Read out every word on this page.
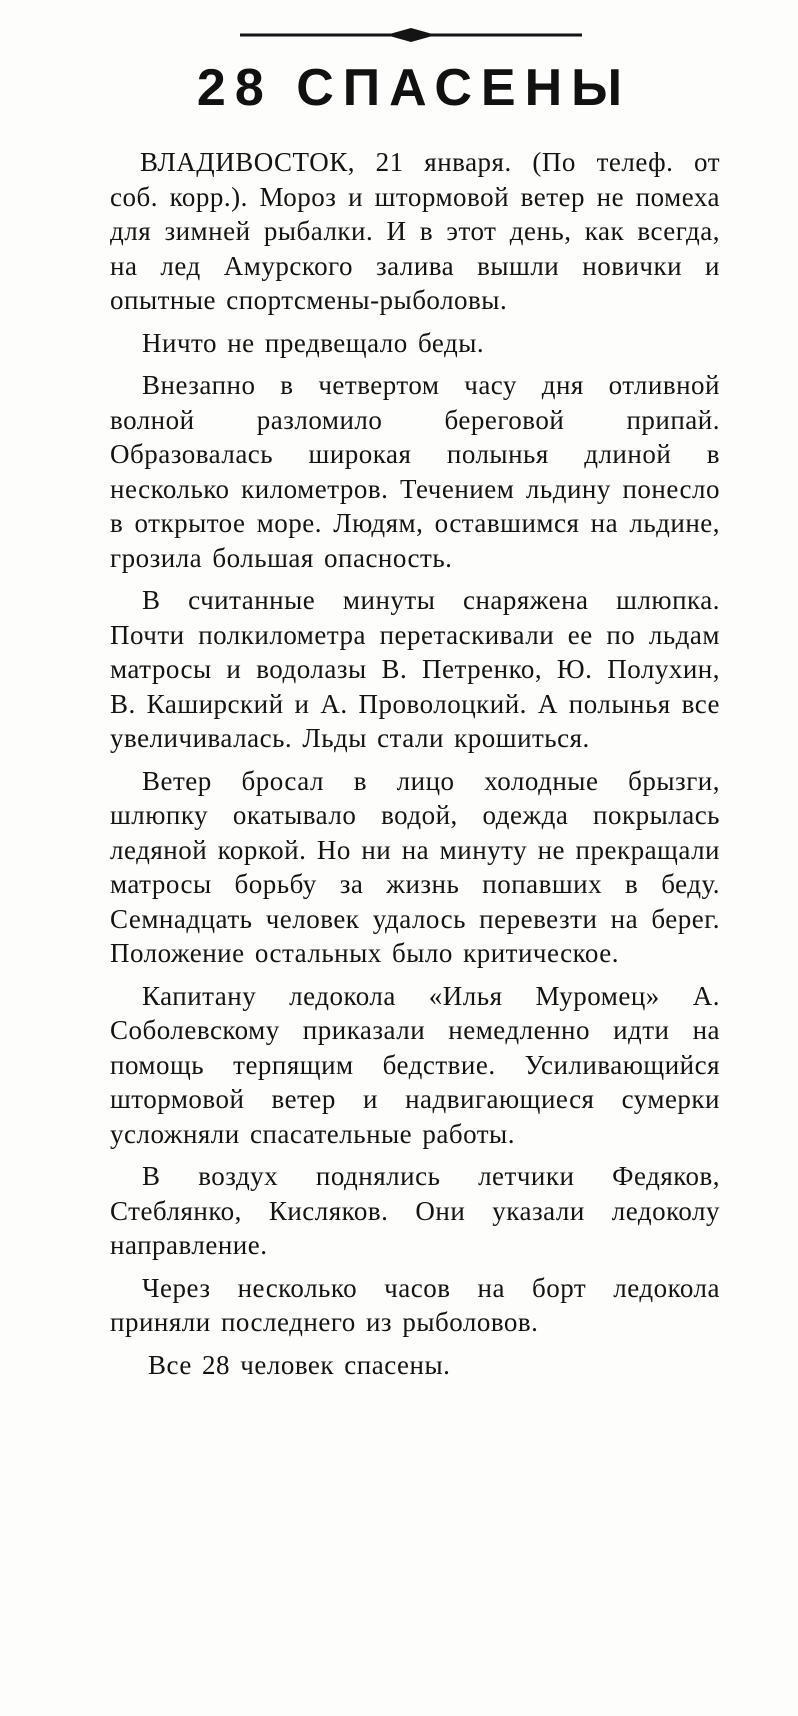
28 СПАСЕНЫ

ВЛАДИВОСТОК, 21 января. (По телеф. от соб. корр.). Мороз и штормовой ветер не помеха для зимней рыбалки. И в этот день, как всегда, на лед Амурского залива вышли новички и опытные спортсмены-рыболовы.

Ничто не предвещало беды.

Внезапно в четвертом часу дня отливной волной разломило береговой припай. Образовалась широкая полынья длиной в несколько километров. Течением льдину понесло в открытое море. Людям, оставшимся на льдине, грозила большая опасность.

В считанные минуты снаряжена шлюпка. Почти полкилометра перетаскивали ее по льдам матросы и водолазы В. Петренко, Ю. Полухин, В. Каширский и А. Проволоцкий. А полынья все увеличивалась. Льды стали крошиться.

Ветер бросал в лицо холодные брызги, шлюпку окатывало водой, одежда покрылась ледяной коркой. Но ни на минуту не прекращали матросы борьбу за жизнь попавших в беду. Семнадцать человек удалось перевезти на берег. Положение остальных было критическое.

Капитану ледокола «Илья Муромец» А. Соболевскому приказали немедленно идти на помощь терпящим бедствие. Усиливающийся штормовой ветер и надвигающиеся сумерки усложняли спасательные работы.

В воздух поднялись летчики Федяков, Стеблянко, Кисляков. Они указали ледоколу направление.

Через несколько часов на борт ледокола приняли последнего из рыболовов.

Все 28 человек спасены.
